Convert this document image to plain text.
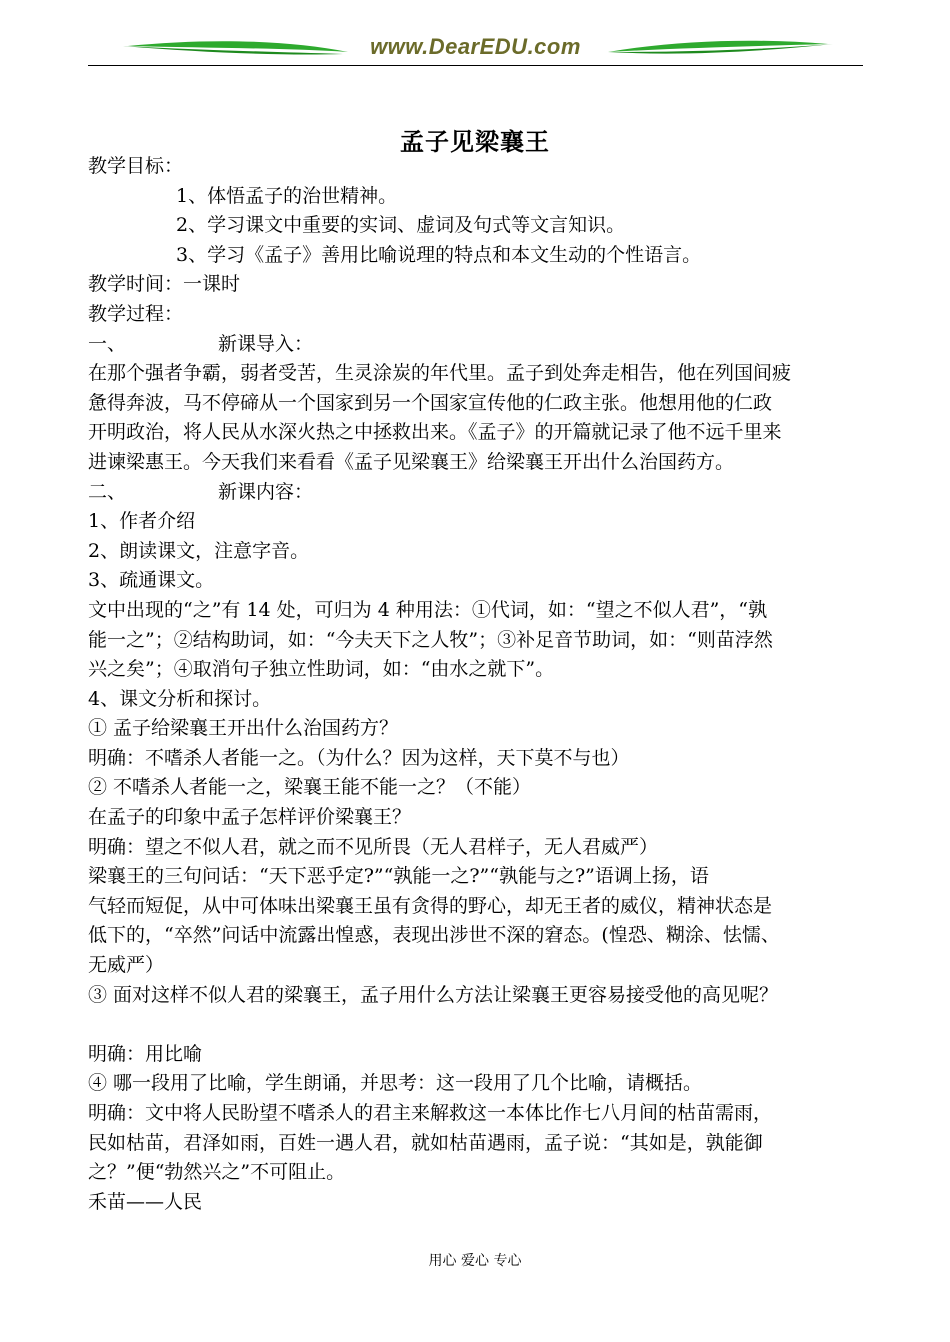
www.DearEDU.com
孟子见梁襄王

教学目标：

1、体悟孟子的治世精神。

2、学习课文中重要的实词、虚词及句式等文言知识。

3、学习《孟子》善用比喻说理的特点和本文生动的个性语言。

教学时间：一课时

教学过程：

一、	新课导入：

在那个强者争霸，弱者受苦，生灵涂炭的年代里。孟子到处奔走相告，他在列国间疲

惫得奔波，马不停碲从一个国家到另一个国家宣传他的仁政主张。他想用他的仁政

开明政治，将人民从水深火热之中拯救出来。《孟子》的开篇就记录了他不远千里来

进谏梁惠王。今天我们来看看《孟子见梁襄王》给梁襄王开出什么治国药方。

二、	新课内容：

1、作者介绍

2、朗读课文，注意字音。

3、疏通课文。

文中出现的“之”有 14 处，可归为 4 种用法：①代词，如：“望之不似人君”，“孰

能一之”；②结构助词，如：“今夫天下之人牧”；③补足音节助词，如：“则苗浡然

兴之矣”；④取消句子独立性助词，如：“由水之就下”。

4、课文分析和探讨。

① 孟子给梁襄王开出什么治国药方？

明确：不嗜杀人者能一之。（为什么？因为这样，天下莫不与也）

② 不嗜杀人者能一之，梁襄王能不能一之？（不能）

在孟子的印象中孟子怎样评价梁襄王？

明确：望之不似人君，就之而不见所畏（无人君样子，无人君威严）

梁襄王的三句问话：“天下恶乎定?”“孰能一之?”“孰能与之?”语调上扬，语

气轻而短促，从中可体味出梁襄王虽有贪得的野心，却无王者的威仪，精神状态是

低下的，“卒然”问话中流露出惶惑，表现出涉世不深的窘态。(惶恐、糊涂、怯懦、

无威严）

③ 面对这样不似人君的梁襄王，孟子用什么方法让梁襄王更容易接受他的高见呢？

明确：用比喻

④ 哪一段用了比喻，学生朗诵，并思考：这一段用了几个比喻，请概括。

明确：文中将人民盼望不嗜杀人的君主来解救这一本体比作七八月间的枯苗需雨，

民如枯苗，君泽如雨，百姓一遇人君，就如枯苗遇雨，孟子说：“其如是，孰能御

之？”便“勃然兴之”不可阻止。

禾苗——人民

用心 爱心 专心
